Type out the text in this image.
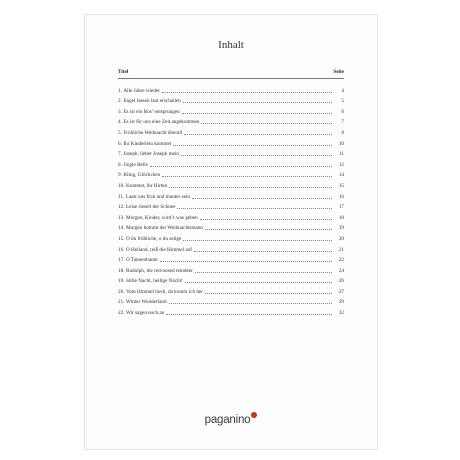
Inhalt
Titel	Seite
1. Alle Jahre wieder	4
2. Engel lassen laut erschallen	5
3. Es ist ein Ros’ entsprungen	6
4. Es ist für uns eine Zeit angekommen	7
5. Fröhliche Weihnacht überall	8
6. Ihr Kinderlein kommet	10
7. Joseph, lieber Joseph mein	11
8. Jingle Bells	12
9. Kling, Glöckchen	14
10. Kommet, ihr Hirten	15
11. Lasst uns froh und munter sein	16
12. Leise rieselt der Schnee	17
13. Morgen, Kinder, wird’s was geben	18
14. Morgen kommt der Weihnachtsmann	19
15. O du fröhliche, o du selige	20
16. O Heiland, reiß die Himmel auf	21
17. O Tannenbaum	22
18. Rudolph, the red-nosed reindeer	24
19. Stille Nacht, heilige Nacht!	26
20. Vom Himmel hoch, da komm ich her	27
21. Winter Wonderland	29
22. Wir sagen euch an	32
paganino
